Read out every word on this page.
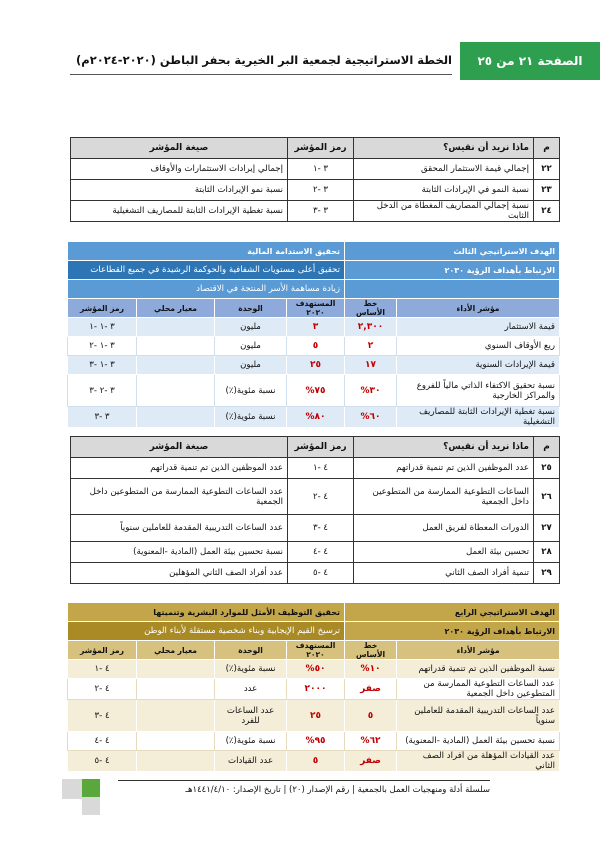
الصفحة ٢١ من ٢٥
الخطة الاستراتيجية لجمعية البر الخيرية بحفر الباطن (٢٠٢٠-٢٠٢٤م)
م	ماذا نريد أن نقيس؟	رمز المؤشر	صيغة المؤشر
٢٢	إجمالي قيمة الاستثمار المحقق	٣ -١	إجمالي إيرادات الاستثمارات والأوقاف
٢٣	نسبة النمو في الإيرادات الثابتة	٣ -٢	نسبة نمو الإيرادات الثابتة
٢٤	نسبة إجمالي المصاريف المغطاة من الدخل الثابت	٣ -٣	نسبة تغطية الإيرادات الثابتة للمصاريف التشغيلية
الهدف الاستراتيجي الثالث		تحقيق الاستدامة المالية			
الارتباط بأهداف الرؤية ٢٠٣٠		تحقيق أعلى مستويات الشفافية والحوكمة الرشيدة في جميع القطاعات			
		زيادة مساهمة الأسر المنتجة في الاقتصاد			
مؤشر الأداء	خط الأساس	المستهدف ٢٠٢٠	الوحدة	معيار محلي	رمز المؤشر
قيمة الاستثمار	٢,٣٠٠	٣	مليون		٣ -١ -١
ريع الأوقاف السنوي	٢	٥	مليون		٣ -١ -٢
قيمة الإيرادات السنوية	١٧	٢٥	مليون		٣ -١ -٣
نسبة تحقيق الاكتفاء الذاتي مالياً للفروع والمراكز الخارجية	٣٠%	٧٥%	نسبة مئوية(٪)		٣ -٢ -٣
نسبة تغطية الإيرادات الثابتة للمصاريف التشغيلية	٦٠%	٨٠%	نسبة مئوية(٪)		٣ -٣
م	ماذا نريد أن نقيس؟	رمز المؤشر	صيغة المؤشر
٢٥	عدد الموظفين الذين تم تنمية قدراتهم	٤ -١	عدد الموظفين الذين تم تنمية قدراتهم
٢٦	الساعات التطوعية الممارسة من المتطوعين داخل الجمعية	٤ -٢	عدد الساعات التطوعية الممارسة من المتطوعين داخل الجمعية
٢٧	الدورات المعطاة لفريق العمل	٤ -٣	عدد الساعات التدريبية المقدمة للعاملين سنوياً
٢٨	تحسين بيئة العمل	٤ -٤	نسبة تحسين بيئة العمل (المادية -المعنوية)
٢٩	تنمية أفراد الصف الثاني	٤ -٥	عدد أفراد الصف الثاني المؤهلين
الهدف الاستراتيجي الرابع		تحقيق التوظيف الأمثل للموارد البشرية وتنميتها			
الارتباط بأهداف الرؤية ٢٠٣٠		ترسيخ القيم الإيجابية وبناء شخصية مستقلة لأبناء الوطن			
مؤشر الأداء	خط الأساس	المستهدف ٢٠٢٠	الوحدة	معيار محلي	رمز المؤشر
نسبة الموظفين الذين تم تنمية قدراتهم	١٠%	٥٠%	نسبة مئوية(٪)		٤ -١
عدد الساعات التطوعية الممارسة من المتطوعين داخل الجمعية	صفر	٢٠٠٠	عدد		٤ -٢
عدد الساعات التدريبية المقدمة للعاملين سنوياً	٥	٢٥	عدد الساعات للفرد		٤ -٣
نسبة تحسين بيئة العمل (المادية -المعنوية)	٦٢%	٩٥%	نسبة مئوية(٪)		٤ -٤
عدد القيادات المؤهلة من أفراد الصف الثاني	صفر	٥	عدد القيادات		٤ -٥
سلسلة أدلة ومنهجيات العمل بالجمعية | رقم الإصدار (٢٠) | تاريخ الإصدار: ١٤٤١/٤/١٠هـ
